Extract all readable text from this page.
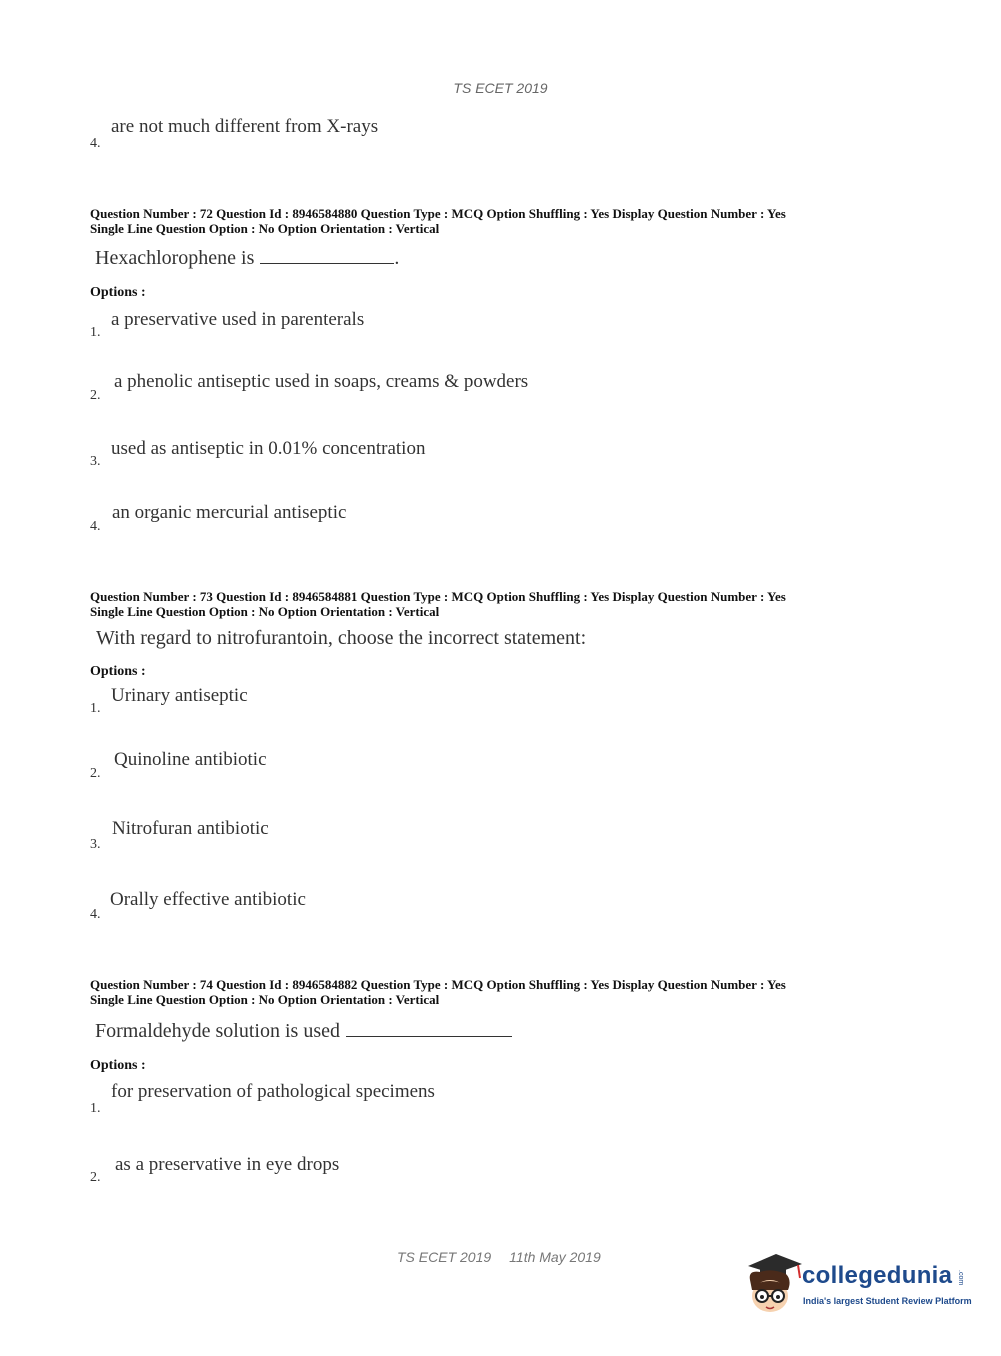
TS ECET 2019
are not much different from X-rays
4.
Question Number : 72 Question Id : 8946584880 Question Type : MCQ Option Shuffling : Yes Display Question Number : Yes
Single Line Question Option : No Option Orientation : Vertical
Hexachlorophene is	.
Options :
a preservative used in parenterals
1.
a phenolic antiseptic used in soaps, creams & powders
2.
used as antiseptic in 0.01% concentration
3.
an organic mercurial antiseptic
4.
Question Number : 73 Question Id : 8946584881 Question Type : MCQ Option Shuffling : Yes Display Question Number : Yes
Single Line Question Option : No Option Orientation : Vertical
With regard to nitrofurantoin, choose the incorrect statement:
Options :
Urinary antiseptic
1.
Quinoline antibiotic
2.
Nitrofuran antibiotic
3.
Orally effective antibiotic
4.
Question Number : 74 Question Id : 8946584882 Question Type : MCQ Option Shuffling : Yes Display Question Number : Yes
Single Line Question Option : No Option Orientation : Vertical
Formaldehyde solution is used
Options :
for preservation of pathological specimens
1.
as a preservative in eye drops
2.
TS ECET 2019 11th May 2019
collegedunia .com
India's largest Student Review Platform
